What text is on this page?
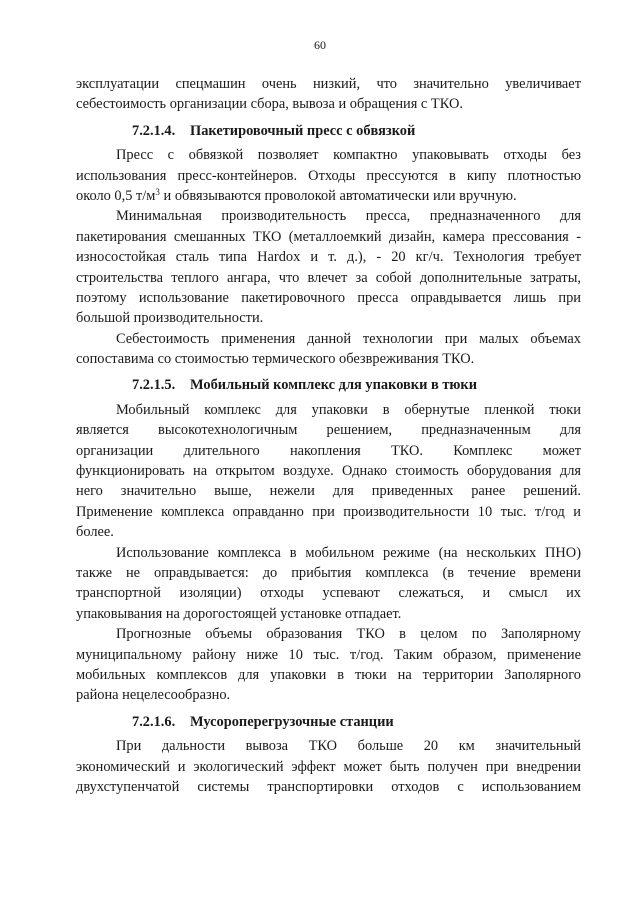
60
эксплуатации спецмашин очень низкий, что значительно увеличивает
себестоимость организации сбора, вывоза и обращения с ТКО.
7.2.1.4. Пакетировочный пресс с обвязкой
Пресс с обвязкой позволяет компактно упаковывать отходы без
использования пресс-контейнеров. Отходы прессуются в кипу плотностью
около 0,5 $т/м^3$ и обвязываются проволокой автоматически или вручную.
Минимальная производительность пресса, предназначенного для
пакетирования смешанных ТКО (металлоемкий дизайн, камера прессования -
износостойкая сталь типа Hardox и т. д.), - 20 кг/ч. Технология требует
строительства теплого ангара, что влечет за собой дополнительные затраты,
поэтому использование пакетировочного пресса оправдывается лишь при
большой производительности.
Себестоимость применения данной технологии при малых объемах
сопоставима со стоимостью термического обезвреживания ТКО.
7.2.1.5. Мобильный комплекс для упаковки в тюки
Мобильный комплекс для упаковки в обернутые пленкой тюки
является высокотехнологичным решением, предназначенным для
организации длительного накопления ТКО. Комплекс может
функционировать на открытом воздухе. Однако стоимость оборудования для
него значительно выше, нежели для приведенных ранее решений.
Применение комплекса оправданно при производительности 10 тыс. т/год и
более.
Использование комплекса в мобильном режиме (на нескольких ПНО)
также не оправдывается: до прибытия комплекса (в течение времени
транспортной изоляции) отходы успевают слежаться, и смысл их
упаковывания на дорогостоящей установке отпадает.
Прогнозные объемы образования ТКО в целом по Заполярному
муниципальному району ниже 10 тыс. т/год. Таким образом, применение
мобильных комплексов для упаковки в тюки на территории Заполярного
района нецелесообразно.
7.2.1.6. Мусороперегрузочные станции
При дальности вывоза ТКО больше 20 км значительный
экономический и экологический эффект может быть получен при внедрении
двухступенчатой системы транспортировки отходов с использованием
